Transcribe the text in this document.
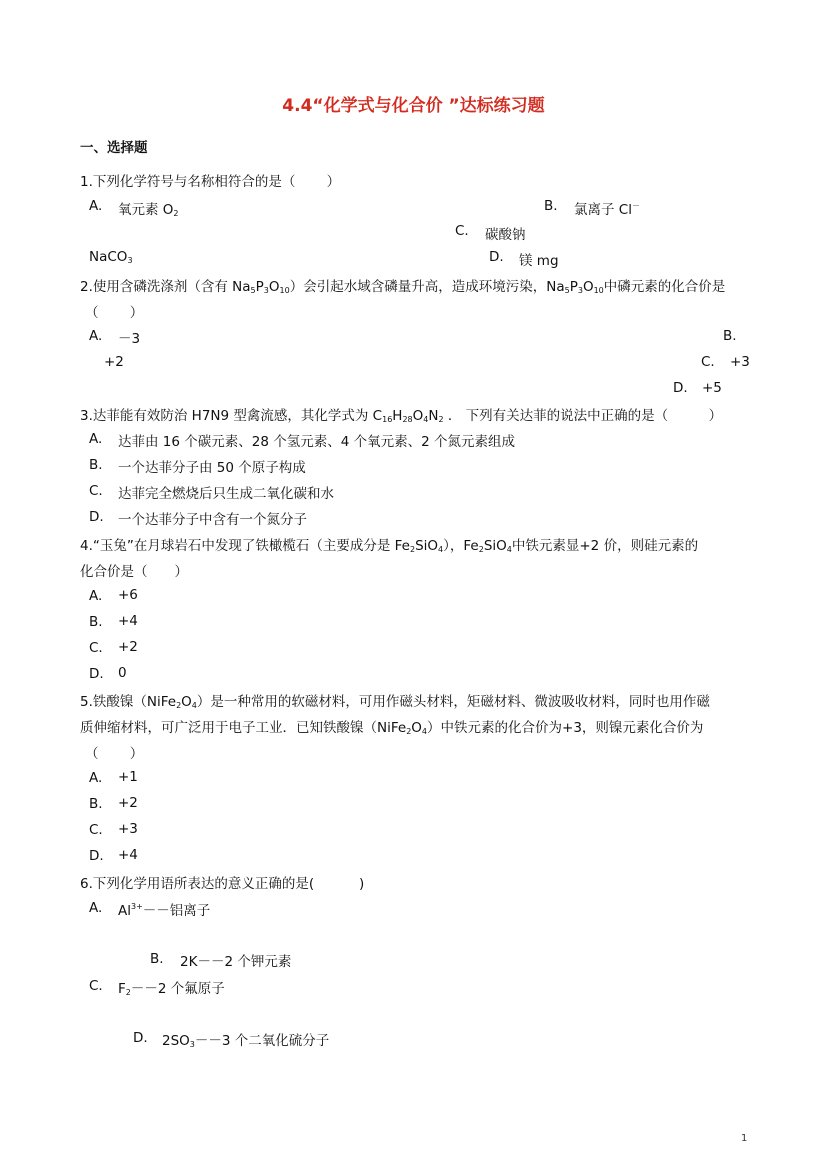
4.4“化学式与化合价 ”达标练习题
一、选择题
1.下列化学符号与名称相符合的是（　　 ）
A. 氧元素 $O_2$	B. 氯离子 Cl－
C. 碳酸钠
NaCO$_3$	D. 镁 mg
2.使用含磷洗涤剂（含有 $Na_5P_3O_{10}$）会引起水域含磷量升高，造成环境污染，$Na_5P_3O_{10}$中磷元素的化合价是
（　　 ）
A. －3	B.
+2	C. +3
D. +5
3.达菲能有效防治 H7N9 型禽流感，其化学式为 $C_{16}H_{28}O_4N_2$ ． 下列有关达菲的说法中正确的是（　　　）
A. 达菲由 16 个碳元素、28 个氢元素、4 个氧元素、2 个氮元素组成
B. 一个达菲分子由 50 个原子构成
C. 达菲完全燃烧后只生成二氧化碳和水
D. 一个达菲分子中含有一个氮分子
4.“玉兔”在月球岩石中发现了铁橄榄石（主要成分是 $Fe_2SiO_4$），$Fe_2SiO_4$中铁元素显+2 价，则硅元素的
化合价是（　　）
A. +6
B. +4
C. +2
D. 0
5.铁酸镍$(NiFe_2O_4)$是一种常用的软磁材料，可用作磁头材料，矩磁材料、微波吸收材料，同时也用作磁
质伸缩材料，可广泛用于电子工业．已知铁酸镍$(NiFe_2O_4)$中铁元素的化合价为+3，则镍元素化合价为
（　　 ）
A. +1
B. +2
C. +3
D. +4
6.下列化学用语所表达的意义正确的是(　　　 )
A. $Al^{3+}--$铝离子
B. 2K－－2 个钾元素
C. $F_2--2$ 个氟原子
D. $2SO_3--3$ 个二氧化硫分子
1
